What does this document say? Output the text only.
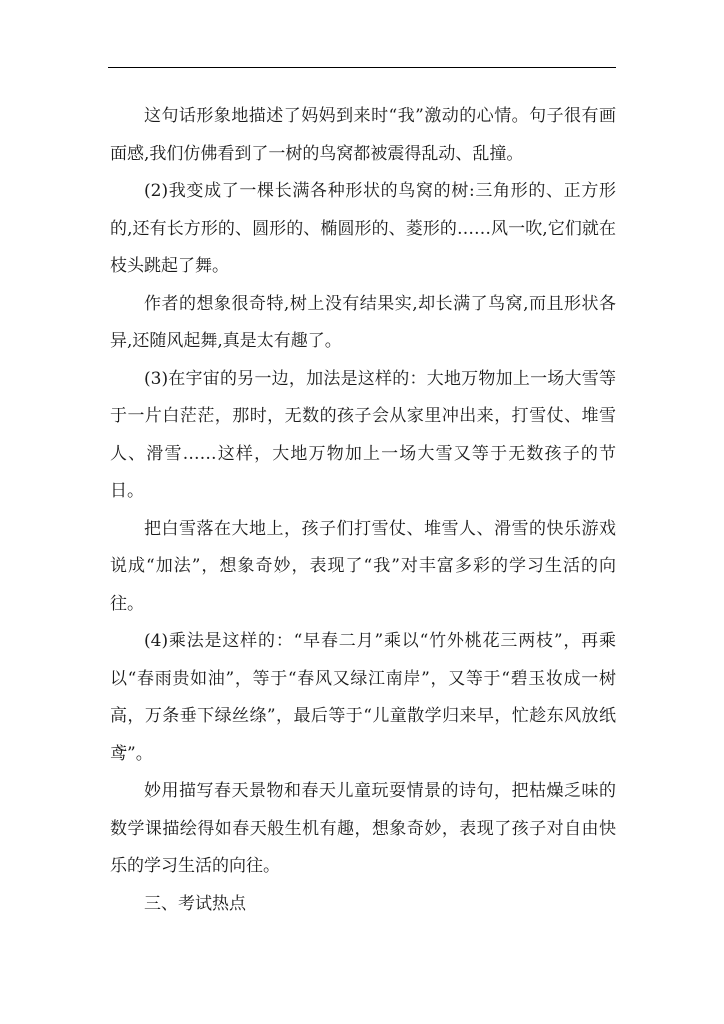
这句话形象地描述了妈妈到来时“我”激动的心情。句子很有画面感,我们仿佛看到了一树的鸟窝都被震得乱动、乱撞。

(2)我变成了一棵长满各种形状的鸟窝的树:三角形的、正方形的,还有长方形的、圆形的、椭圆形的、菱形的……风一吹,它们就在枝头跳起了舞。

作者的想象很奇特,树上没有结果实,却长满了鸟窝,而且形状各异,还随风起舞,真是太有趣了。

(3)在宇宙的另一边，加法是这样的：大地万物加上一场大雪等于一片白茫茫，那时，无数的孩子会从家里冲出来，打雪仗、堆雪人、滑雪……这样，大地万物加上一场大雪又等于无数孩子的节日。

把白雪落在大地上，孩子们打雪仗、堆雪人、滑雪的快乐游戏说成“加法”，想象奇妙，表现了“我”对丰富多彩的学习生活的向往。

(4)乘法是这样的：“早春二月”乘以“竹外桃花三两枝”，再乘以“春雨贵如油”，等于“春风又绿江南岸”，又等于“碧玉妆成一树高，万条垂下绿丝绦”，最后等于“儿童散学归来早，忙趁东风放纸鸢”。

妙用描写春天景物和春天儿童玩耍情景的诗句，把枯燥乏味的数学课描绘得如春天般生机有趣，想象奇妙，表现了孩子对自由快乐的学习生活的向往。

三、考试热点
